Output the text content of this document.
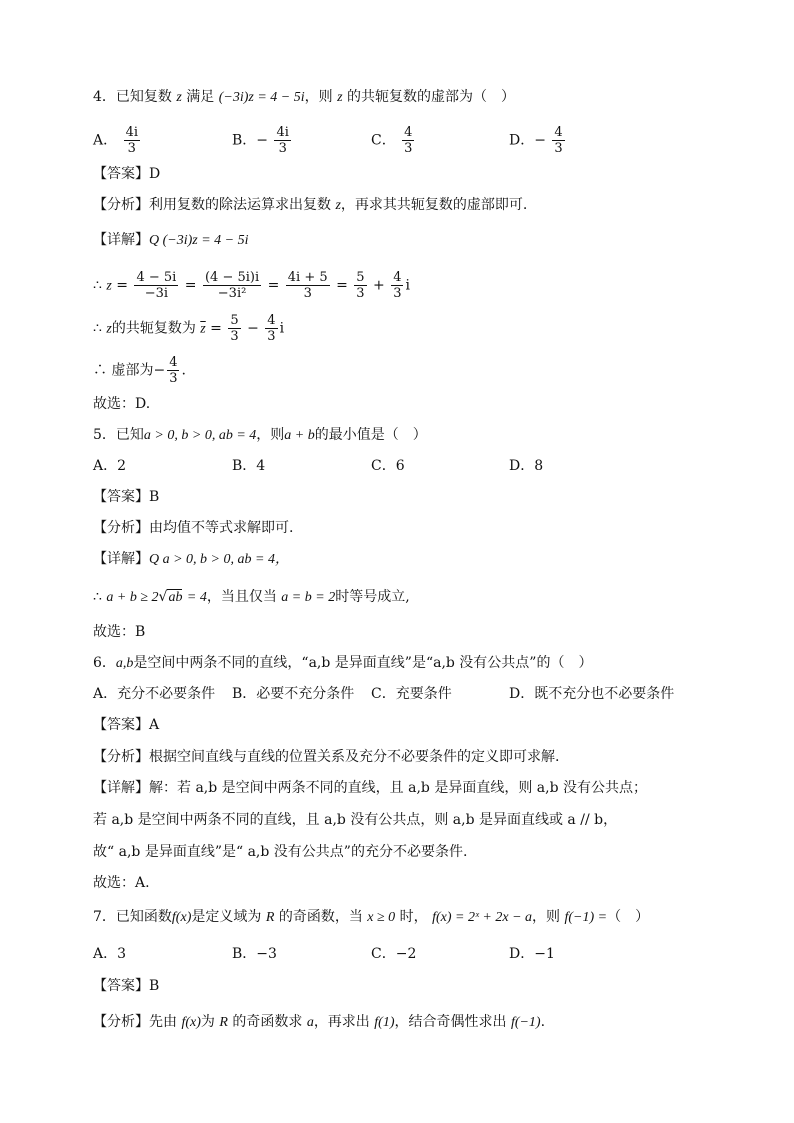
4．已知复数 z 满足 (−3i)z = 4 − 5i，则 z 的共轭复数的虚部为（　）
A． $\frac{4i}{3}$	B．− $\frac{4i}{3}$	C． $\frac{4}{3}$	D．− $\frac{4}{3}$
【答案】D
【分析】利用复数的除法运算求出复数 z，再求其共轭复数的虚部即可.
【详解】Q (−3i)z = 4 − 5i
∴ $z = \frac{4 - 5i}{-3i} = \frac{(4 - 5i)i}{\text{−3i²}} = \frac{4i + 5}{3} = \frac{5}{3} + \frac{4}{3}$ i
∴ z的共轭复数为 $\overline{z} = \frac{5}{3} - \frac{4}{3}$ i
∴ 虚部为− $\frac{4}{3}$ .
故选：D.
5．已知a > 0, b > 0, ab = 4，则a + b的最小值是（　）
A．2	B．4	C．6	D．8
【答案】B
【分析】由均值不等式求解即可.
【详解】Q a > 0, b > 0, ab = 4，
∴ a + b ≥ 2√ab = 4，当且仅当 a = b = 2时等号成立,
故选：B
6．a,b是空间中两条不同的直线，“a,b 是异面直线”是“a,b 没有公共点”的（　）
A．充分不必要条件 B．必要不充分条件 C．充要条件	D．既不充分也不必要条件
【答案】A
【分析】根据空间直线与直线的位置关系及充分不必要条件的定义即可求解.
【详解】解：若 a,b 是空间中两条不同的直线，且 a,b 是异面直线，则 a,b 没有公共点；
若 a,b 是空间中两条不同的直线，且 a,b 没有公共点，则 a,b 是异面直线或 a // b，
故“ a,b 是异面直线”是“ a,b 没有公共点”的充分不必要条件.
故选：A.
7．已知函数f(x)是定义域为 R 的奇函数，当 x ≥ 0 时， f(x) = 2ˣ + 2x − a，则 f(−1) =（　）
A．3	B．−3	C．−2	D．−1
【答案】B
【分析】先由 f(x)为 R 的奇函数求 a，再求出 f(1)，结合奇偶性求出 f(−1).
